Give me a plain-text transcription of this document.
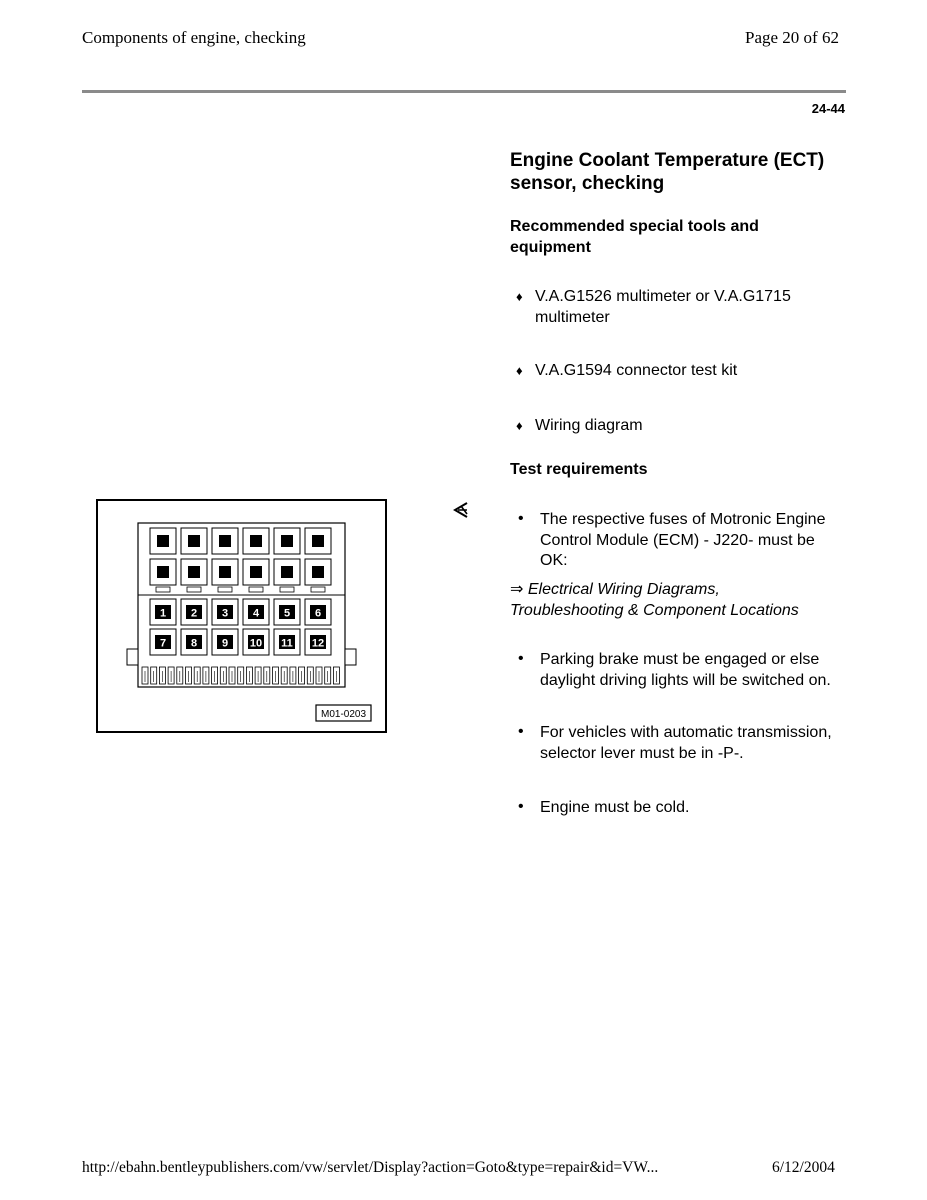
Components of engine, checking	Page 20 of 62
24-44
Engine Coolant Temperature (ECT) sensor, checking
Recommended special tools and equipment
♦ V.A.G1526 multimeter or V.A.G1715 multimeter
♦ V.A.G1594 connector test kit
♦ Wiring diagram
Test requirements
• The respective fuses of Motronic Engine Control Module (ECM) - J220- must be OK:
⇒ Electrical Wiring Diagrams, Troubleshooting & Component Locations
• Parking brake must be engaged or else daylight driving lights will be switched on.
• For vehicles with automatic transmission, selector lever must be in -P-.
• Engine must be cold.
1 2 3 4 5 6
7 8 9 10 11 12
M01-0203
http://ebahn.bentleypublishers.com/vw/servlet/Display?action=Goto&type=repair&id=VW...	6/12/2004
